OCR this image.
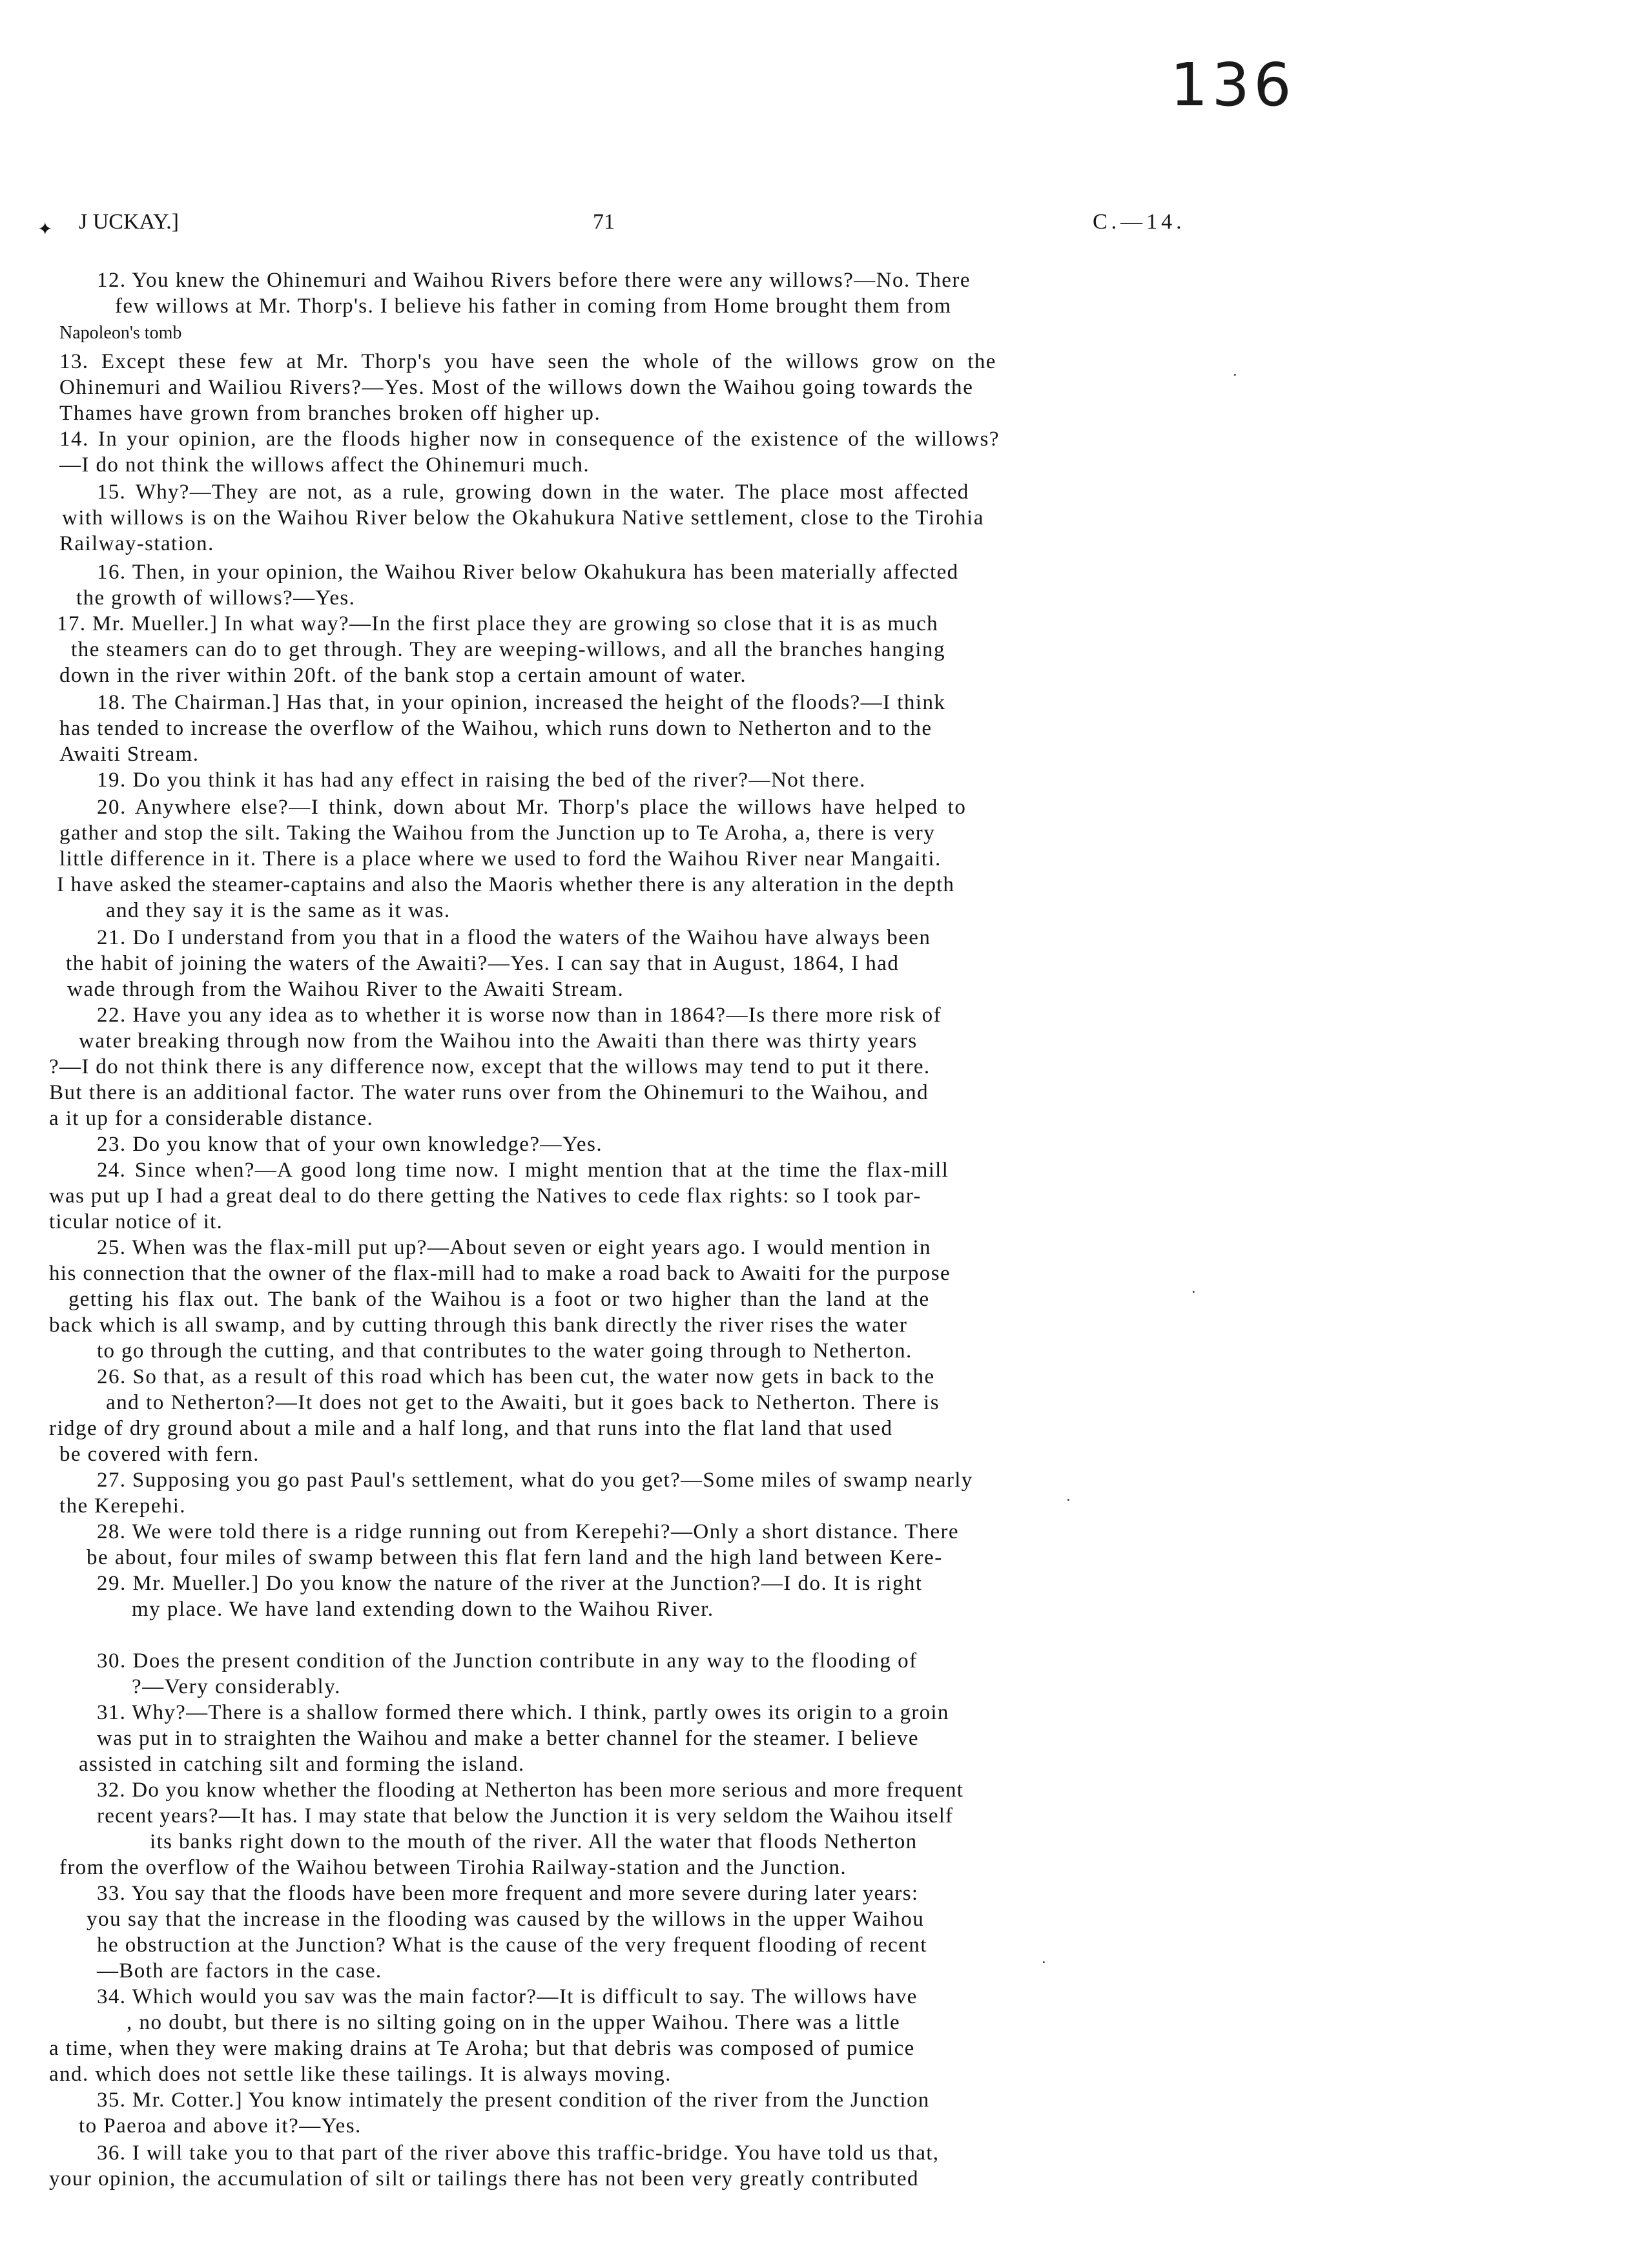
136
✦ J UCKAY.]	71	C.—14.
12. You knew the Ohinemuri and Waihou Rivers before there were any willows?—No. There
few willows at Mr. Thorp's. I believe his father in coming from Home brought them from
Napoleon's tomb
13. Except these few at Mr. Thorp's you have seen the whole of the willows grow on the
Ohinemuri and Wailiou Rivers?—Yes. Most of the willows down the Waihou going towards the
Thames have grown from branches broken off higher up.
14. In your opinion, are the floods higher now in consequence of the existence of the willows?
—I do not think the willows affect the Ohinemuri much.
15. Why?—They are not, as a rule, growing down in the water. The place most affected
with willows is on the Waihou River below the Okahukura Native settlement, close to the Tirohia
Railway-station.
16. Then, in your opinion, the Waihou River below Okahukura has been materially affected
the growth of willows?—Yes.
17. Mr. Mueller.] In what way?—In the first place they are growing so close that it is as much
the steamers can do to get through. They are weeping-willows, and all the branches hanging
down in the river within 20ft. of the bank stop a certain amount of water.
18. The Chairman.] Has that, in your opinion, increased the height of the floods?—I think
has tended to increase the overflow of the Waihou, which runs down to Netherton and to the
Awaiti Stream.
19. Do you think it has had any effect in raising the bed of the river?—Not there.
20. Anywhere else?—I think, down about Mr. Thorp's place the willows have helped to
gather and stop the silt. Taking the Waihou from the Junction up to Te Aroha, a, there is very
little difference in it. There is a place where we used to ford the Waihou River near Mangaiti.
I have asked the steamer-captains and also the Maoris whether there is any alteration in the depth
and they say it is the same as it was.
21. Do I understand from you that in a flood the waters of the Waihou have always been
the habit of joining the waters of the Awaiti?—Yes. I can say that in August, 1864, I had
wade through from the Waihou River to the Awaiti Stream.
22. Have you any idea as to whether it is worse now than in 1864?—Is there more risk of
water breaking through now from the Waihou into the Awaiti than there was thirty years
?—I do not think there is any difference now, except that the willows may tend to put it there.
But there is an additional factor. The water runs over from the Ohinemuri to the Waihou, and
a it up for a considerable distance.
23. Do you know that of your own knowledge?—Yes.
24. Since when?—A good long time now. I might mention that at the time the flax-mill
was put up I had a great deal to do there getting the Natives to cede flax rights: so I took par-
ticular notice of it.
25. When was the flax-mill put up?—About seven or eight years ago. I would mention in
his connection that the owner of the flax-mill had to make a road back to Awaiti for the purpose
getting his flax out. The bank of the Waihou is a foot or two higher than the land at the
back which is all swamp, and by cutting through this bank directly the river rises the water
to go through the cutting, and that contributes to the water going through to Netherton.
26. So that, as a result of this road which has been cut, the water now gets in back to the
and to Netherton?—It does not get to the Awaiti, but it goes back to Netherton. There is
ridge of dry ground about a mile and a half long, and that runs into the flat land that used
be covered with fern.
27. Supposing you go past Paul's settlement, what do you get?—Some miles of swamp nearly
the Kerepehi.
28. We were told there is a ridge running out from Kerepehi?—Only a short distance. There
be about, four miles of swamp between this flat fern land and the high land between Kere-
29. Mr. Mueller.] Do you know the nature of the river at the Junction?—I do. It is right
my place. We have land extending down to the Waihou River.
30. Does the present condition of the Junction contribute in any way to the flooding of
?—Very considerably.
31. Why?—There is a shallow formed there which. I think, partly owes its origin to a groin
was put in to straighten the Waihou and make a better channel for the steamer. I believe
assisted in catching silt and forming the island.
32. Do you know whether the flooding at Netherton has been more serious and more frequent
recent years?—It has. I may state that below the Junction it is very seldom the Waihou itself
its banks right down to the mouth of the river. All the water that floods Netherton
from the overflow of the Waihou between Tirohia Railway-station and the Junction.
33. You say that the floods have been more frequent and more severe during later years:
you say that the increase in the flooding was caused by the willows in the upper Waihou
he obstruction at the Junction? What is the cause of the very frequent flooding of recent
—Both are factors in the case.
34. Which would you sav was the main factor?—It is difficult to say. The willows have
, no doubt, but there is no silting going on in the upper Waihou. There was a little
a time, when they were making drains at Te Aroha; but that debris was composed of pumice
and. which does not settle like these tailings. It is always moving.
35. Mr. Cotter.] You know intimately the present condition of the river from the Junction
to Paeroa and above it?—Yes.
36. I will take you to that part of the river above this traffic-bridge. You have told us that,
your opinion, the accumulation of silt or tailings there has not been very greatly contributed
·
·
·
·
